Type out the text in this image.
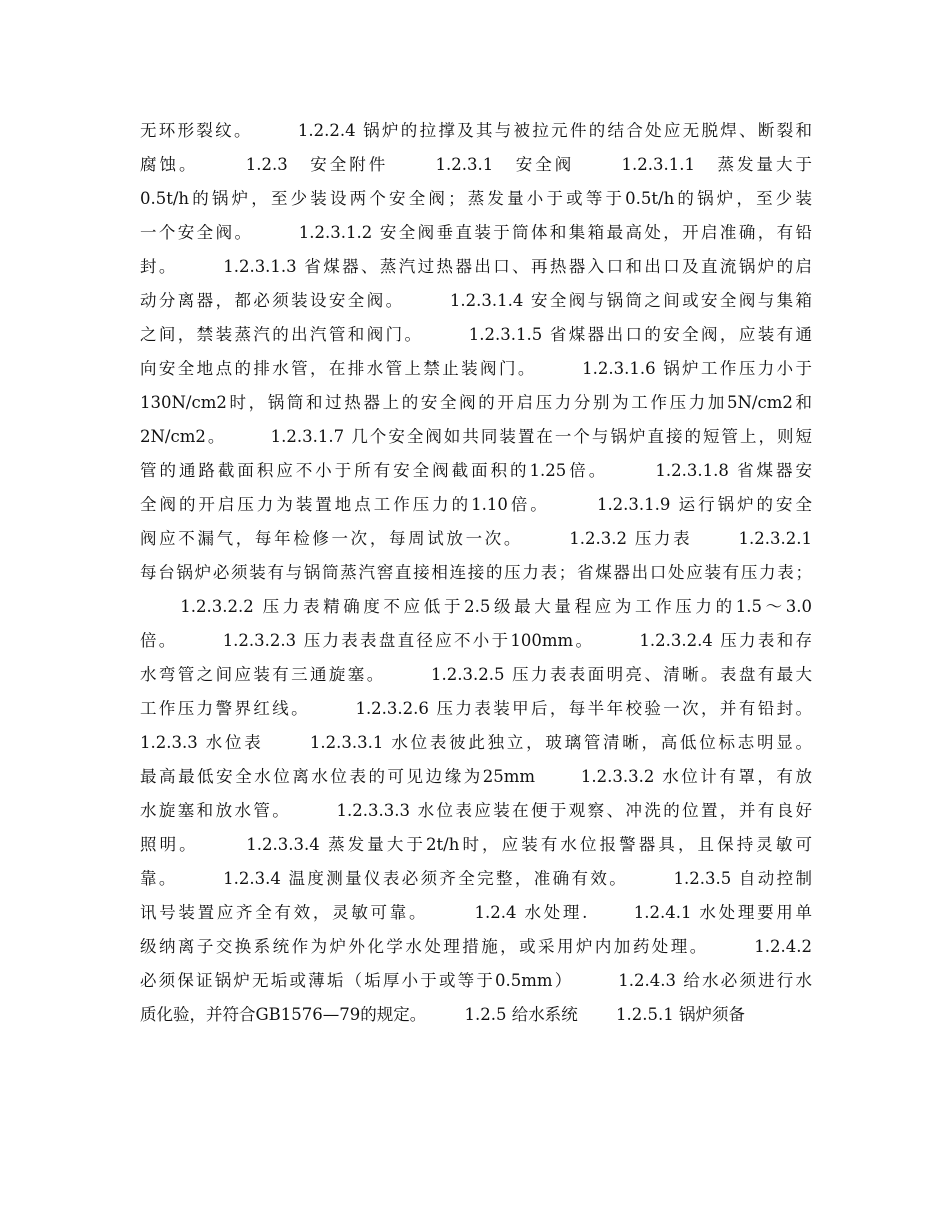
无环形裂纹。 　　1.2.2.4 锅炉的拉撑及其与被拉元件的结合处应无脱焊、断裂和
腐蚀。 　　1.2.3　安全附件 　　1.2.3.1　安全阀 　　1.2.3.1.1　蒸发量大于
0.5t/h的锅炉，至少装设两个安全阀；蒸发量小于或等于0.5t/h的锅炉，至少装
一个安全阀。 　　1.2.3.1.2 安全阀垂直装于筒体和集箱最高处，开启准确，有铅
封。 　　1.2.3.1.3 省煤器、蒸汽过热器出口、再热器入口和出口及直流锅炉的启
动分离器，都必须装设安全阀。 　　1.2.3.1.4 安全阀与锅筒之间或安全阀与集箱
之间，禁装蒸汽的出汽管和阀门。 　　1.2.3.1.5 省煤器出口的安全阀，应装有通
向安全地点的排水管，在排水管上禁止装阀门。 　　1.2.3.1.6 锅炉工作压力小于
130N/cm2时，锅筒和过热器上的安全阀的开启压力分别为工作压力加5N/cm2和
2N/cm2。 　　1.2.3.1.7 几个安全阀如共同装置在一个与锅炉直接的短管上，则短
管的通路截面积应不小于所有安全阀截面积的1.25倍。 　　1.2.3.1.8 省煤器安
全阀的开启压力为装置地点工作压力的1.10倍。 　　1.2.3.1.9 运行锅炉的安全
阀应不漏气，每年检修一次，每周试放一次。 　　1.2.3.2 压力表 　　1.2.3.2.1
每台锅炉必须装有与锅筒蒸汽窖直接相连接的压力表；省煤器出口处应装有压力表；
　　1.2.3.2.2 压力表精确度不应低于2.5级最大量程应为工作压力的1.5～3.0
倍。 　　1.2.3.2.3 压力表表盘直径应不小于100mm。 　　1.2.3.2.4 压力表和存
水弯管之间应装有三通旋塞。 　　1.2.3.2.5 压力表表面明亮、清晰。表盘有最大
工作压力警界红线。 　　1.2.3.2.6 压力表装甲后，每半年校验一次，并有铅封。
1.2.3.3 水位表 　　1.2.3.3.1 水位表彼此独立，玻璃管清晰，高低位标志明显。
最高最低安全水位离水位表的可见边缘为25mm 　　1.2.3.3.2 水位计有罩，有放
水旋塞和放水管。 　　1.2.3.3.3 水位表应装在便于观察、冲洗的位置，并有良好
照明。 　　1.2.3.3.4 蒸发量大于2t/h时，应装有水位报警器具，且保持灵敏可
靠。 　　1.2.3.4 温度测量仪表必须齐全完整，准确有效。 　　1.2.3.5 自动控制
讯号装置应齐全有效，灵敏可靠。 　　1.2.4 水处理. 　　1.2.4.1 水处理要用单
级纳离子交换系统作为炉外化学水处理措施，或采用炉内加药处理。 　　1.2.4.2
必须保证锅炉无垢或薄垢（垢厚小于或等于0.5mm） 　　1.2.4.3 给水必须进行水
质化验，并符合GB1576—79的规定。 　　1.2.5 给水系统 　　1.2.5.1 锅炉须备
